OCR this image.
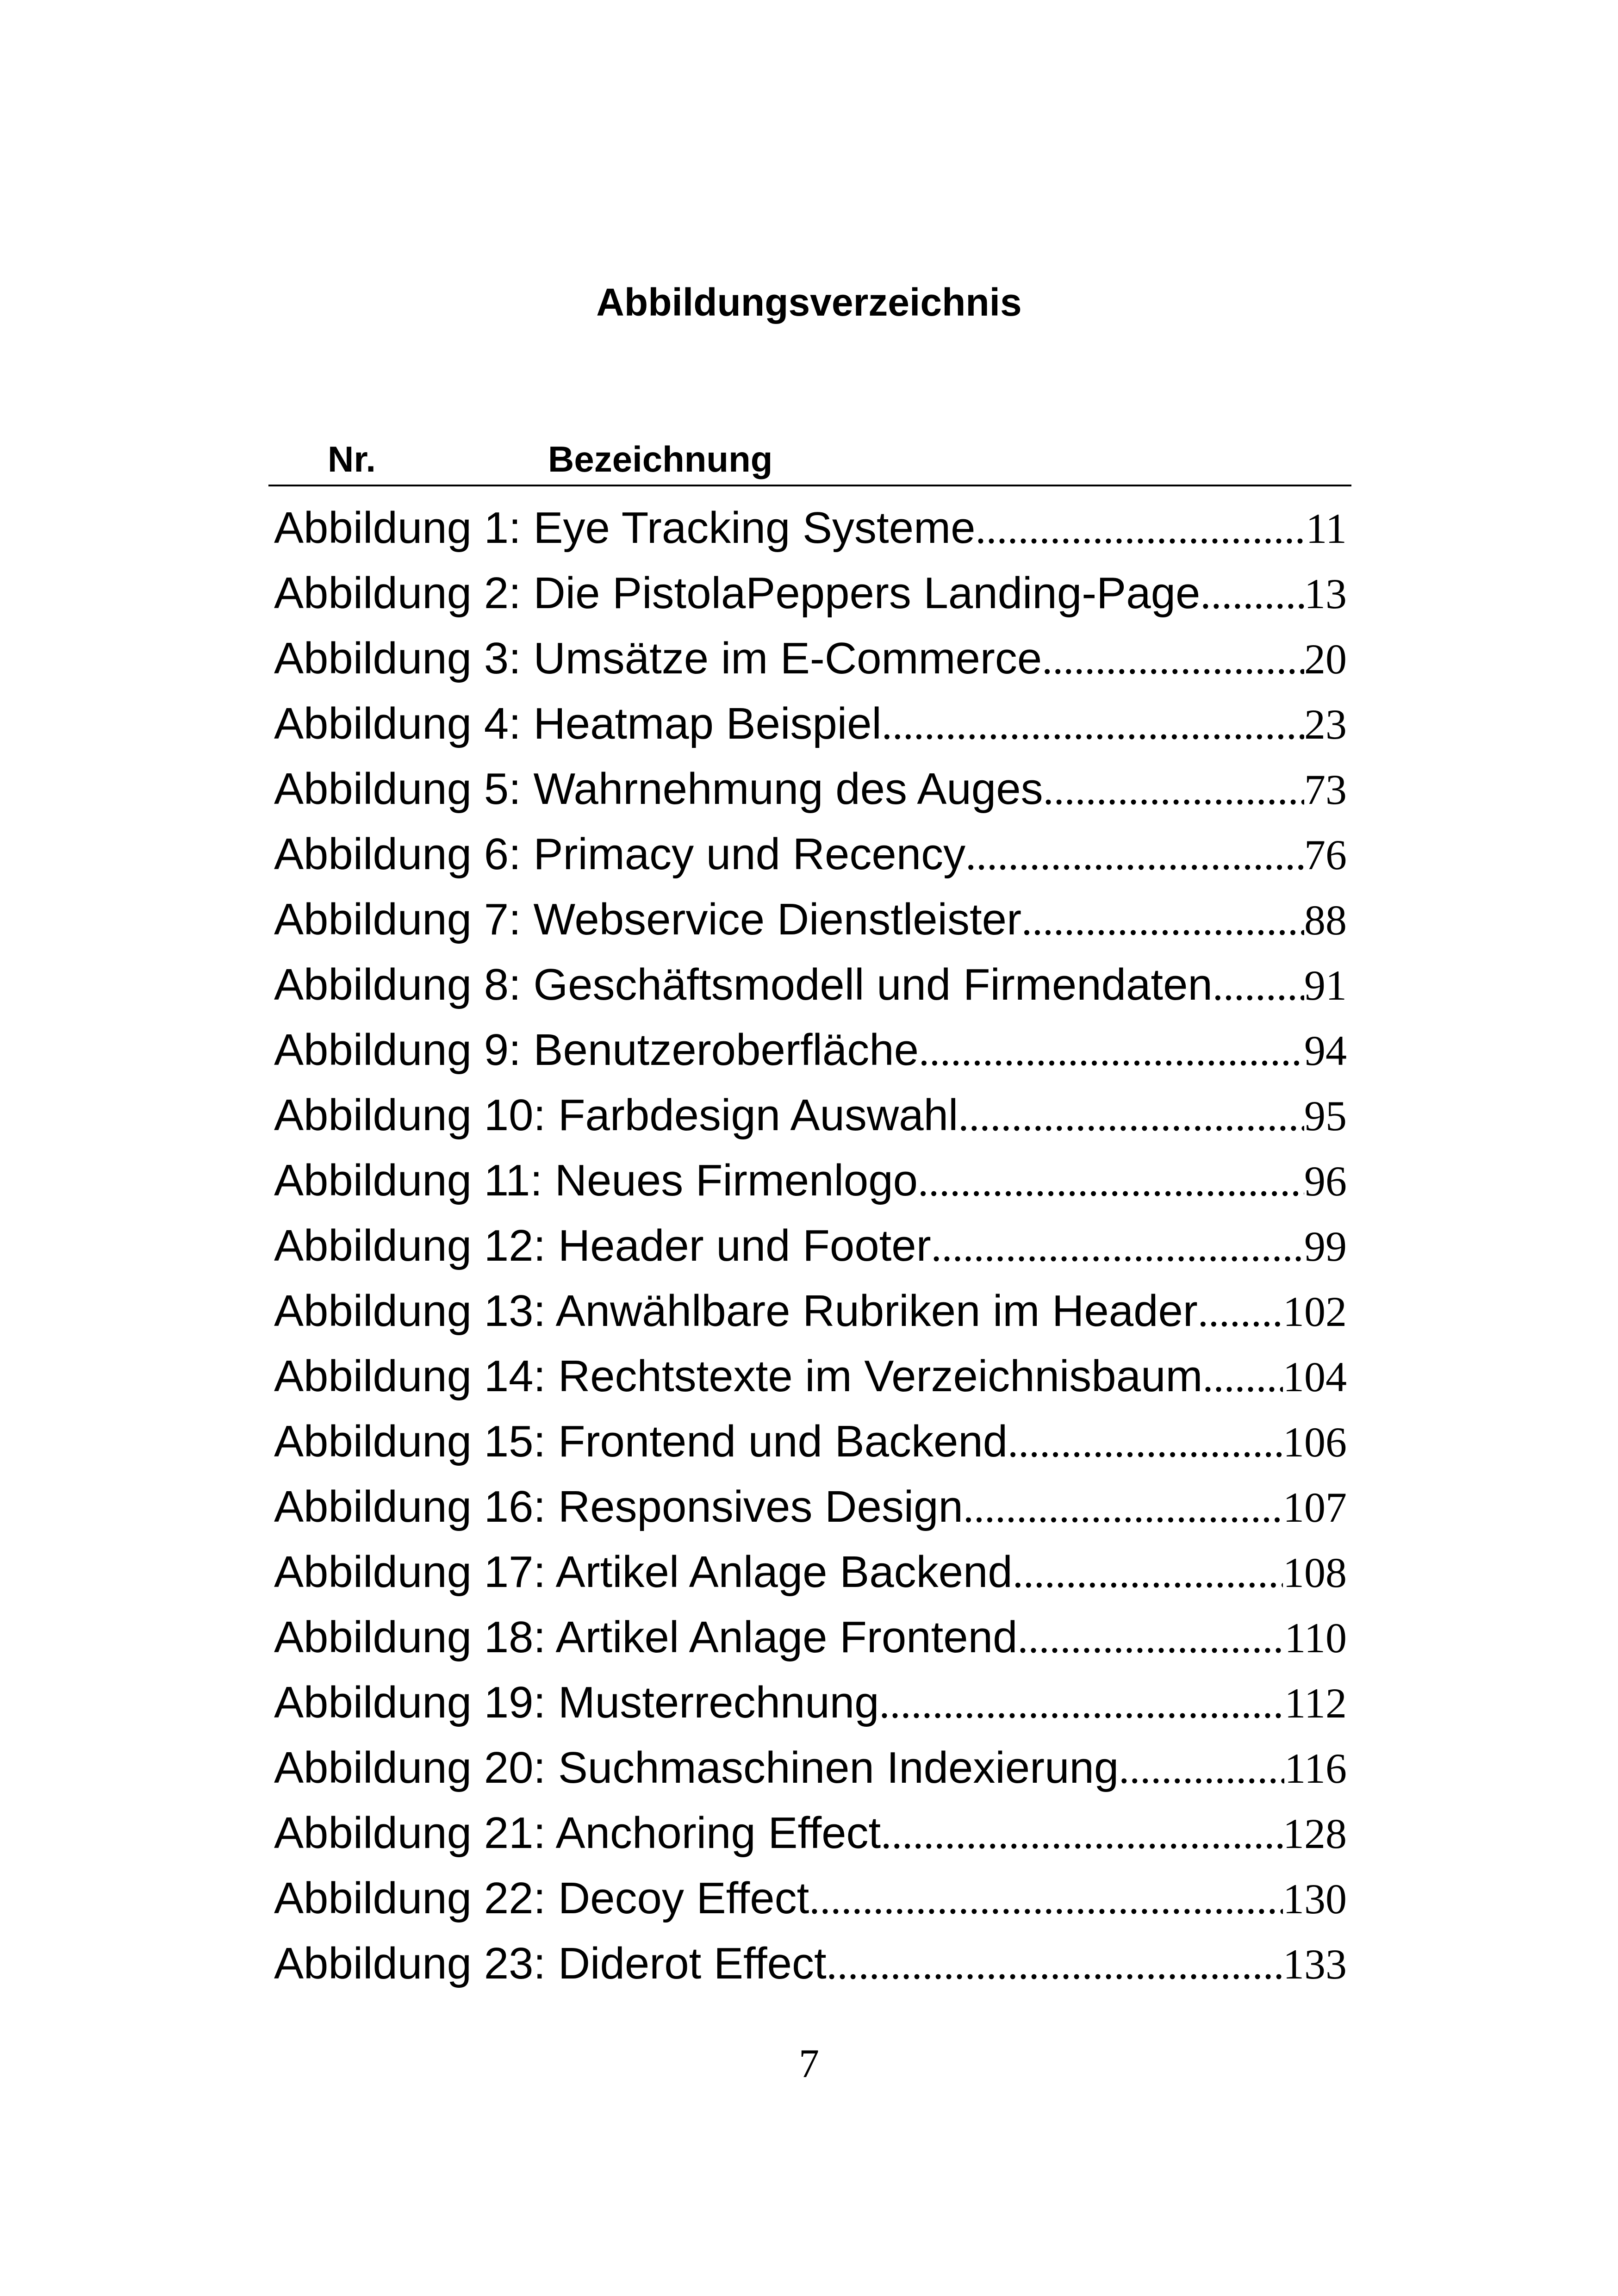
Abbildungsverzeichnis
Nr.	Bezeichnung
Abbildung 1: Eye Tracking Systeme .....	11
Abbildung 2: Die PistolaPeppers Landing-Page ..... 13
Abbildung 3: Umsätze im E-Commerce .....	20
Abbildung 4: Heatmap Beispiel .....	23
Abbildung 5: Wahrnehmung des Auges .....	73
Abbildung 6: Primacy und Recency .....	76
Abbildung 7: Webservice Dienstleister .....	88
Abbildung 8: Geschäftsmodell und Firmendaten ..... 91
Abbildung 9: Benutzeroberfläche .....	94
Abbildung 10: Farbdesign Auswahl .....	95
Abbildung 11: Neues Firmenlogo .....	96
Abbildung 12: Header und Footer .....	99
Abbildung 13: Anwählbare Rubriken im Header ..... 102
Abbildung 14: Rechtstexte im Verzeichnisbaum ..... 104
Abbildung 15: Frontend und Backend .....	106
Abbildung 16: Responsives Design .....	107
Abbildung 17: Artikel Anlage Backend .....	108
Abbildung 18: Artikel Anlage Frontend .....	110
Abbildung 19: Musterrechnung .....	112
Abbildung 20: Suchmaschinen Indexierung .....	116
Abbildung 21: Anchoring Effect .....	128
Abbildung 22: Decoy Effect .....	130
Abbildung 23: Diderot Effect .....	133
7
